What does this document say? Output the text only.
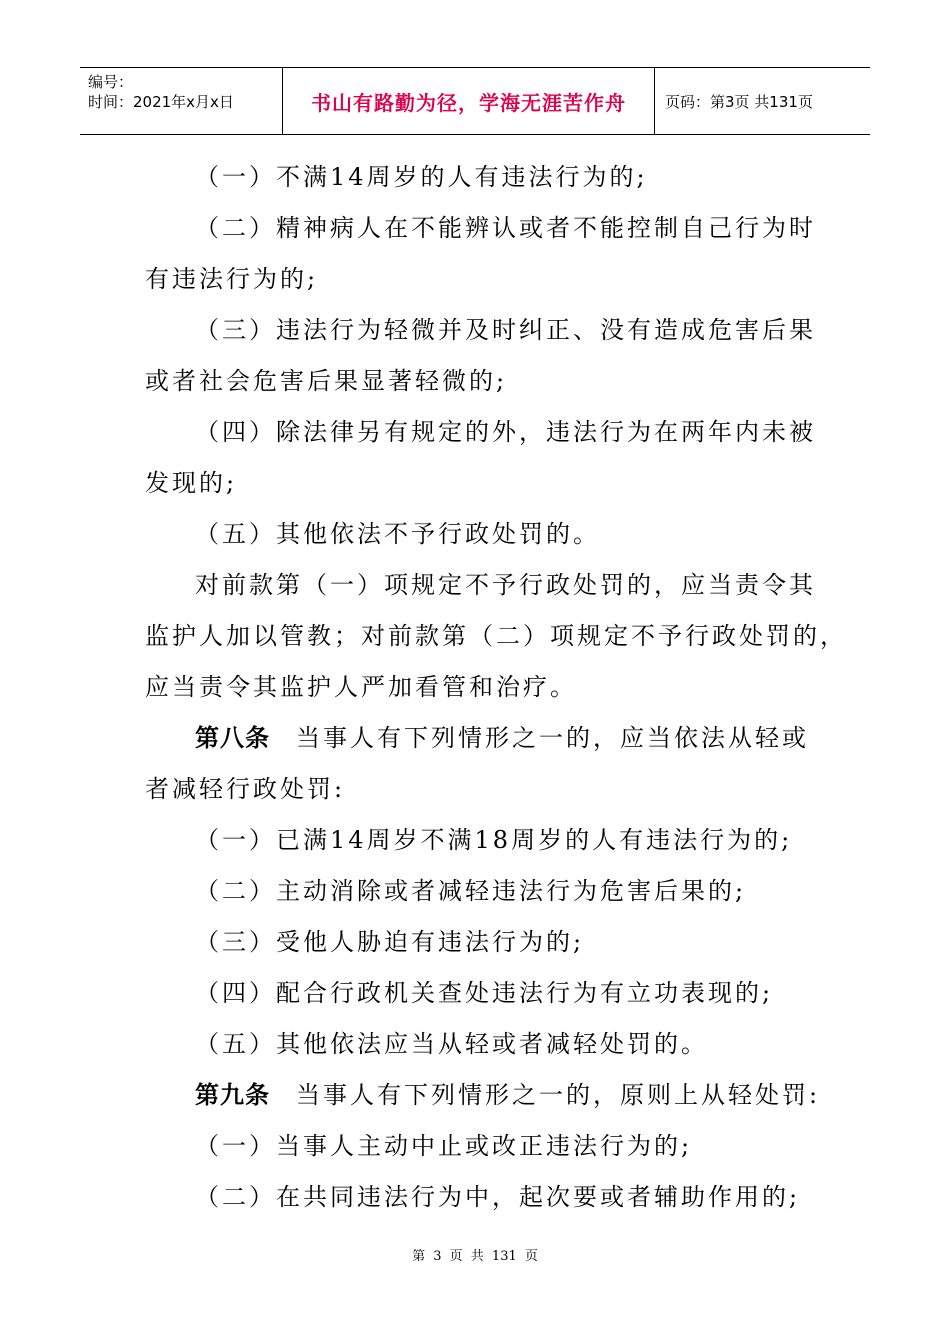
编号：
时间：2021年x月x日	书山有路勤为径，学海无涯苦作舟	页码：第3页 共131页

（一）不满14周岁的人有违法行为的;

（二）精神病人在不能辨认或者不能控制自己行为时

有违法行为的;

（三）违法行为轻微并及时纠正、没有造成危害后果

或者社会危害后果显著轻微的;

（四）除法律另有规定的外，违法行为在两年内未被

发现的;

（五）其他依法不予行政处罚的。

对前款第（一）项规定不予行政处罚的，应当责令其

监护人加以管教；对前款第（二）项规定不予行政处罚的，

应当责令其监护人严加看管和治疗。

第八条 当事人有下列情形之一的，应当依法从轻或

者减轻行政处罚:

（一）已满14周岁不满18周岁的人有违法行为的;

（二）主动消除或者减轻违法行为危害后果的;

（三）受他人胁迫有违法行为的;

（四）配合行政机关查处违法行为有立功表现的;

（五）其他依法应当从轻或者减轻处罚的。

第九条 当事人有下列情形之一的，原则上从轻处罚:

（一）当事人主动中止或改正违法行为的;

（二）在共同违法行为中，起次要或者辅助作用的;

第 3 页 共 131 页
